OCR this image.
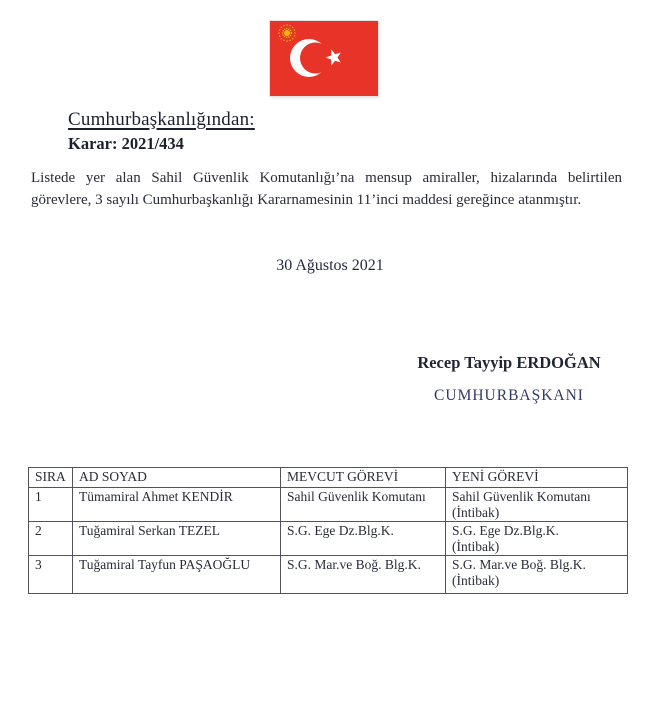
Cumhurbaşkanlığından:
Karar: 2021/434
Listede yer alan Sahil Güvenlik Komutanlığı’na mensup amiraller, hizalarında belirtilen görevlere, 3 sayılı Cumhurbaşkanlığı Kararnamesinin 11’inci maddesi gereğince atanmıştır.
30 Ağustos 2021
Recep Tayyip ERDOĞAN
CUMHURBAŞKANI
SIRA	AD SOYAD	MEVCUT GÖREVİ	YENİ GÖREVİ
1	Tümamiral Ahmet KENDİR	Sahil Güvenlik Komutanı	Sahil Güvenlik Komutanı
(İntibak)

2	Tuğamiral Serkan TEZEL	S.G. Ege Dz.Blg.K.	S.G. Ege Dz.Blg.K.
(İntibak)

3	Tuğamiral Tayfun PAŞAOĞLU	S.G. Mar.ve Boğ. Blg.K.	S.G. Mar.ve Boğ. Blg.K.
(İntibak)
